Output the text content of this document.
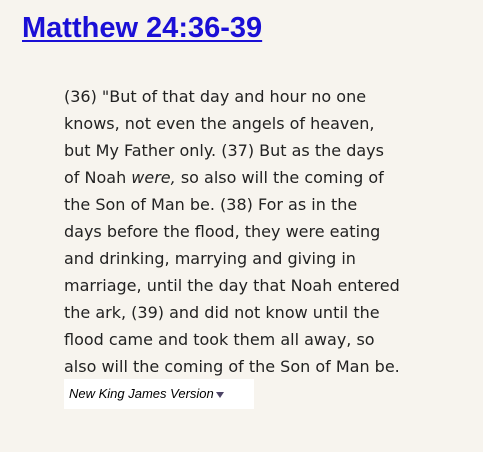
Matthew 24:36-39
(36) "But of that day and hour no one
knows, not even the angels of heaven,
but My Father only. (37) But as the days
of Noah were, so also will the coming of
the Son of Man be. (38) For as in the
days before the flood, they were eating
and drinking, marrying and giving in
marriage, until the day that Noah entered
the ark, (39) and did not know until the
flood came and took them all away, so
also will the coming of the Son of Man be.
New King James Version
